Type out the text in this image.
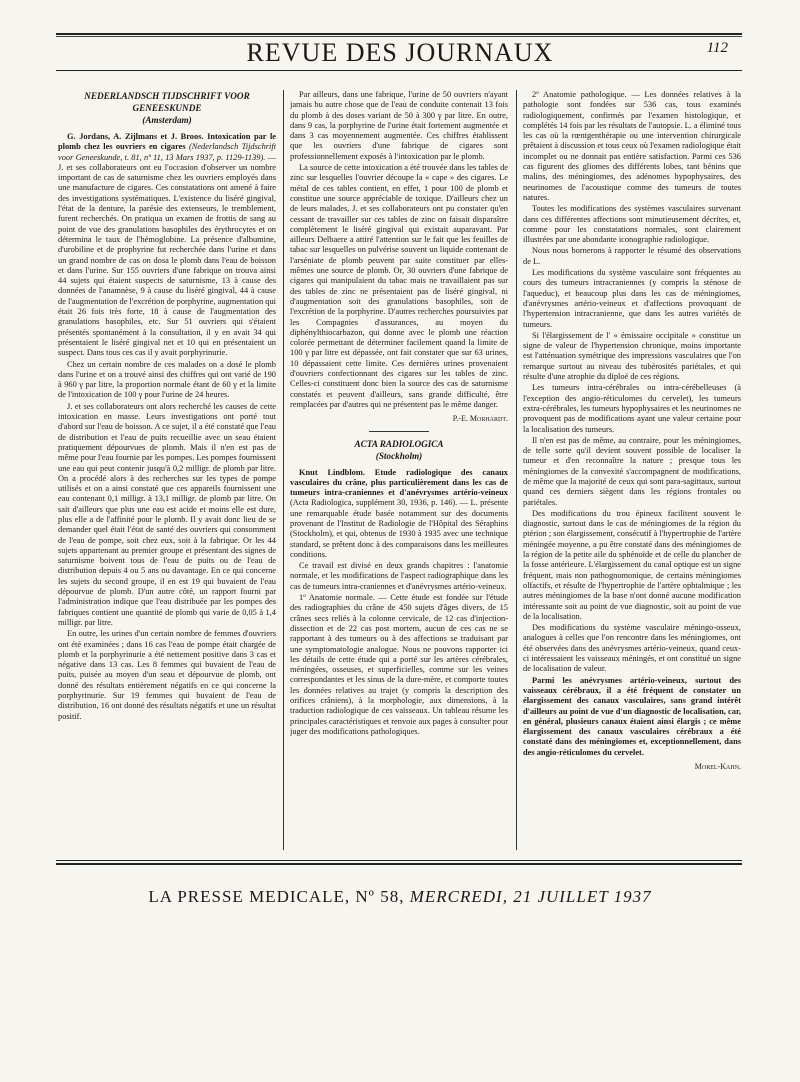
REVUE DES JOURNAUX	112
NEDERLANDSCH TIJDSCHRIFT VOOR GENEESKUNDE
(Amsterdam)

G. Jordans, A. Zijlmans et J. Broos. Intoxication par le plomb chez les ouvriers en cigares (Nederlandsch Tijdschrift voor Geneeskunde, t. 81, nº 11, 13 Mars 1937, p. 1129-1139). — J. et ses collaborateurs ont eu l'occasion d'observer un nombre important de cas de saturnisme chez les ouvriers employés dans une manufacture de cigares. Ces constatations ont amené à faire des investigations systématiques. L'existence du liséré gingival, l'état de la denture, la parésie des extenseurs, le tremblement, furent recherchés. On pratiqua un examen de frottis de sang au point de vue des granulations basophiles des érythrocytes et on détermina le taux de l'hémoglobine. La présence d'albumine, d'urobiline et de prophyrine fut recherchée dans l'urine et dans un grand nombre de cas on dosa le plomb dans l'eau de boisson et dans l'urine. Sur 155 ouvriers d'une fabrique on trouva ainsi 44 sujets qui étaient suspects de saturnisme, 13 à cause des données de l'anamnèse, 9 à cause du liséré gingival, 44 à cause de l'augmentation de l'excrétion de porphyrine, augmentation qui était 26 fois très forte, 18 à cause de l'augmentation des granulations basophiles, etc. Sur 51 ouvriers qui s'étaient présentés spontanément à la consultation, il y en avait 34 qui présentaient le liséré gingival net et 10 qui en présentaient un suspect. Dans tous ces cas il y avait porphyrinurie.

Chez un certain nombre de ces malades on a dosé le plomb dans l'urine et on a trouvé ainsi des chiffres qui ont varié de 190 à 960 γ par litre, la proportion normale étant de 60 γ et la limite de l'intoxication de 100 γ pour l'urine de 24 heures.

J. et ses collaborateurs ont alors recherché les causes de cette intoxication en masse. Leurs investigations ont porté tout d'abord sur l'eau de boisson. A ce sujet, il a été constaté que l'eau de distribution et l'eau de puits recueillie avec un seau étaient pratiquement dépourvues de plomb. Mais il n'en est pas de même pour l'eau fournie par les pompes. Les pompes fournissent une eau qui peut contenir jusqu'à 0,2 milligr. de plomb par litre. On a procédé alors à des recherches sur les types de pompe utilisés et on a ainsi constaté que ces appareils fournissent une eau contenant 0,1 milligr. à 13,1 milligr. de plomb par litre. On sait d'ailleurs que plus une eau est acide et moins elle est dure, plus elle a de l'affinité pour le plomb. Il y avait donc lieu de se demander quel était l'état de santé des ouvriers qui consomment de l'eau de pompe, soit chez eux, soit à la fabrique. Or les 44 sujets appartenant au premier groupe et présentant des signes de saturnisme boivent tous de l'eau de puits ou de l'eau de distribution depuis 4 ou 5 ans ou davantage. En ce qui concerne les sujets du second groupe, il en est 19 qui buvaient de l'eau dépourvue de plomb. D'un autre côté, un rapport fourni par l'administration indique que l'eau distribuée par les pompes des fabriques contient une quantité de plomb qui varie de 0,05 à 1,4 milligr. par litre.

En outre, les urines d'un certain nombre de femmes d'ouvriers ont été examinées ; dans 16 cas l'eau de pompe était chargée de plomb et la porphyrinurie a été nettement positive dans 3 cas et négative dans 13 cas. Les 8 femmes qui buvaient de l'eau de puits, puisée au moyen d'un seau et dépourvue de plomb, ont donné des résultats entièrement négatifs en ce qui concerne la porphyrinurie. Sur 19 femmes qui buvaient de l'eau de distribution, 16 ont donné des résultats négatifs et une un résultat positif.

Par ailleurs, dans une fabrique, l'urine de 50 ouvriers n'ayant jamais bu autre chose que de l'eau de conduite contenait 13 fois du plomb à des doses variant de 50 à 300 γ par litre. En outre, dans 9 cas, la porphyrine de l'urine était fortement augmentée et dans 3 cas moyennement augmentée. Ces chiffres établissent que les ouvriers d'une fabrique de cigares sont professionnellement exposés à l'intoxication par le plomb.

La source de cette intoxication a été trouvée dans les tables de zinc sur lesquelles l'ouvrier découpe la « cape » des cigares. Le métal de ces tables contient, en effet, 1 pour 100 de plomb et constitue une source appréciable de toxique. D'ailleurs chez un de leurs malades, J. et ses collaborateurs ont pu constater qu'en cessant de travailler sur ces tables de zinc on faisait disparaître complètement le liséré gingival qui existait auparavant. Par ailleurs Delbaere a attiré l'attention sur le fait que les feuilles de tabac sur lesquelles on pulvérise souvent un liquide contenant de l'arséniate de plomb peuvent par suite constituer par elles-mêmes une source de plomb. Or, 30 ouvriers d'une fabrique de cigares qui manipulaient du tabac mais ne travaillaient pas sur des tables de zinc ne présentaient pas de liséré gingival, ni d'augmentation soit des granulations basophiles, soit de l'excrétion de la porphyrine. D'autres recherches poursuivies par les Compagnies d'assurances, au moyen du diphénylthiocarbazon, qui donne avec le plomb une réaction colorée permettant de déterminer facilement quand la limite de 100 γ par litre est dépassée, ont fait constater que sur 63 urines, 10 dépassaient cette limite. Ces dernières urines provenaient d'ouvriers confectionnant des cigares sur les tables de zinc. Celles-ci constituent donc bien la source des cas de saturnisme constatés et peuvent d'ailleurs, sans grande difficulté, être remplacées par d'autres qui ne présentent pas le même danger.

P.-E. Morhardt.
ACTA RADIOLOGICA
(Stockholm)

Knut Lindblom. Etude radiologique des canaux vasculaires du crâne, plus particulièrement dans les cas de tumeurs intra-craniennes et d'anévrysmes artério-veineux (Acta Radiologica, supplément 30, 1936, p. 146). — L. présente une remarquable étude basée notamment sur des documents provenant de l'Institut de Radiologie de l'Hôpital des Séraphins (Stockholm), et qui, obtenus de 1930 à 1935 avec une technique standard, se prêtent donc à des comparaisons dans les meilleures conditions.

Ce travail est divisé en deux grands chapitres : l'anatomie normale, et les modifications de l'aspect radiographique dans les cas de tumeurs intra-craniennes et d'anévrysmes artério-veineux.

1º Anatomie normale. — Cette étude est fondée sur l'étude des radiographies du crâne de 450 sujets d'âges divers, de 15 crânes secs reliés à la colonne cervicale, de 12 cas d'injection-dissection et de 22 cas post mortem, aucun de ces cas ne se rapportant à des tumeurs ou à des affections se traduisant par une symptomatologie analogue. Nous ne pouvons rapporter ici les détails de cette étude qui a porté sur les artères cérébrales, méningées, osseuses, et superficielles, comme sur les veines correspondantes et les sinus de la dure-mère, et comporte toutes les données relatives au trajet (y compris la description des orifices crâniens), à la morphologie, aux dimensions, à la traduction radiologique de ces vaisseaux. Un tableau résume les principales caractéristiques et renvoie aux pages à consulter pour juger des modifications pathologiques.

2º Anatomie pathologique. — Les données relatives à la pathologie sont fondées sur 536 cas, tous examinés radiologiquement, confirmés par l'examen histologique, et complétés 14 fois par les résultats de l'autopsie. L. a éliminé tous les cas où la rœntgenthérapie ou une intervention chirurgicale prêtaient à discussion et tous ceux où l'examen radiologique était incomplet ou ne donnait pas entière satisfaction. Parmi ces 536 cas figurent des gliomes des différents lobes, tant bénins que malins, des méningiomes, des adénomes hypophysaires, des neurinomes de l'acoustique comme des tumeurs de toutes natures.

Toutes les modifications des systèmes vasculaires survenant dans ces différentes affections sont minutieusement décrites, et, comme pour les constatations normales, sont clairement illustrées par une abondante iconographie radiologique.

Nous nous bornerons à rapporter le résumé des observations de L.

Les modifications du système vasculaire sont fréquentes au cours des tumeurs intracraniennes (y compris la sténose de l'aqueduc), et beaucoup plus dans les cas de méningiomes, d'anévrysmes artério-veineux et d'affections provoquant de l'hypertension intracranienne, que dans les autres variétés de tumeurs.

Si l'élargissement de l' « émissaire occipitale » constitue un signe de valeur de l'hypertension chronique, moins importante est l'atténuation symétrique des impressions vasculaires que l'on remarque surtout au niveau des tubérosités pariétales, et qui résulte d'une atrophie du diploé de ces régions.

Les tumeurs intra-cérébrales ou intra-cérébelleuses (à l'exception des angio-réticulomes du cervelet), les tumeurs extra-cérébrales, les tumeurs hypophysaires et les neurinomes ne provoquent pas de modifications ayant une valeur certaine pour la localisation des tumeurs.

Il n'en est pas de même, au contraire, pour les méningiomes, de telle sorte qu'il devient souvent possible de localiser la tumeur et d'en reconnaître la nature ; presque tous les méningiomes de la convexité s'accompagnent de modifications, de même que la majorité de ceux qui sont para-sagittaux, surtout quand ces derniers siègent dans les régions frontales ou pariétales.

Des modifications du trou épineux facilitent souvent le diagnostic, surtout dans le cas de méningiomes de la région du ptérion ; son élargissement, consécutif à l'hypertrophie de l'artère méningée moyenne, a pu être constaté dans des méningiomes de la région de la petite aile du sphénoïde et de celle du plancher de la fosse antérieure. L'élargissement du canal optique est un signe fréquent, mais non pathognomonique, de certains méningiomes olfactifs, et résulte de l'hypertrophie de l'artère ophtalmique ; les autres méningiomes de la base n'ont donné aucune modification intéressante soit au point de vue diagnostic, soit au point de vue de la localisation.

Des modifications du système vasculaire méningo-osseux, analogues à celles que l'on rencontre dans les méningiomes, ont été observées dans des anévrysmes artério-veineux, quand ceux-ci intéressaient les vaisseaux méningés, et ont constitué un signe de localisation de valeur.

Parmi les anévrysmes artério-veineux, surtout des vaisseaux cérébraux, il a été fréquent de constater un élargissement des canaux vasculaires, sans grand intérêt d'ailleurs au point de vue d'un diagnostic de localisation, car, en général, plusieurs canaux étaient ainsi élargis ; ce même élargissement des canaux vasculaires cérébraux a été constaté dans des méningiomes et, exceptionnellement, dans des angio-réticulomes du cervelet.

Morel-Kahn.
LA PRESSE MEDICALE, Nº 58, MERCREDI, 21 JUILLET 1937
